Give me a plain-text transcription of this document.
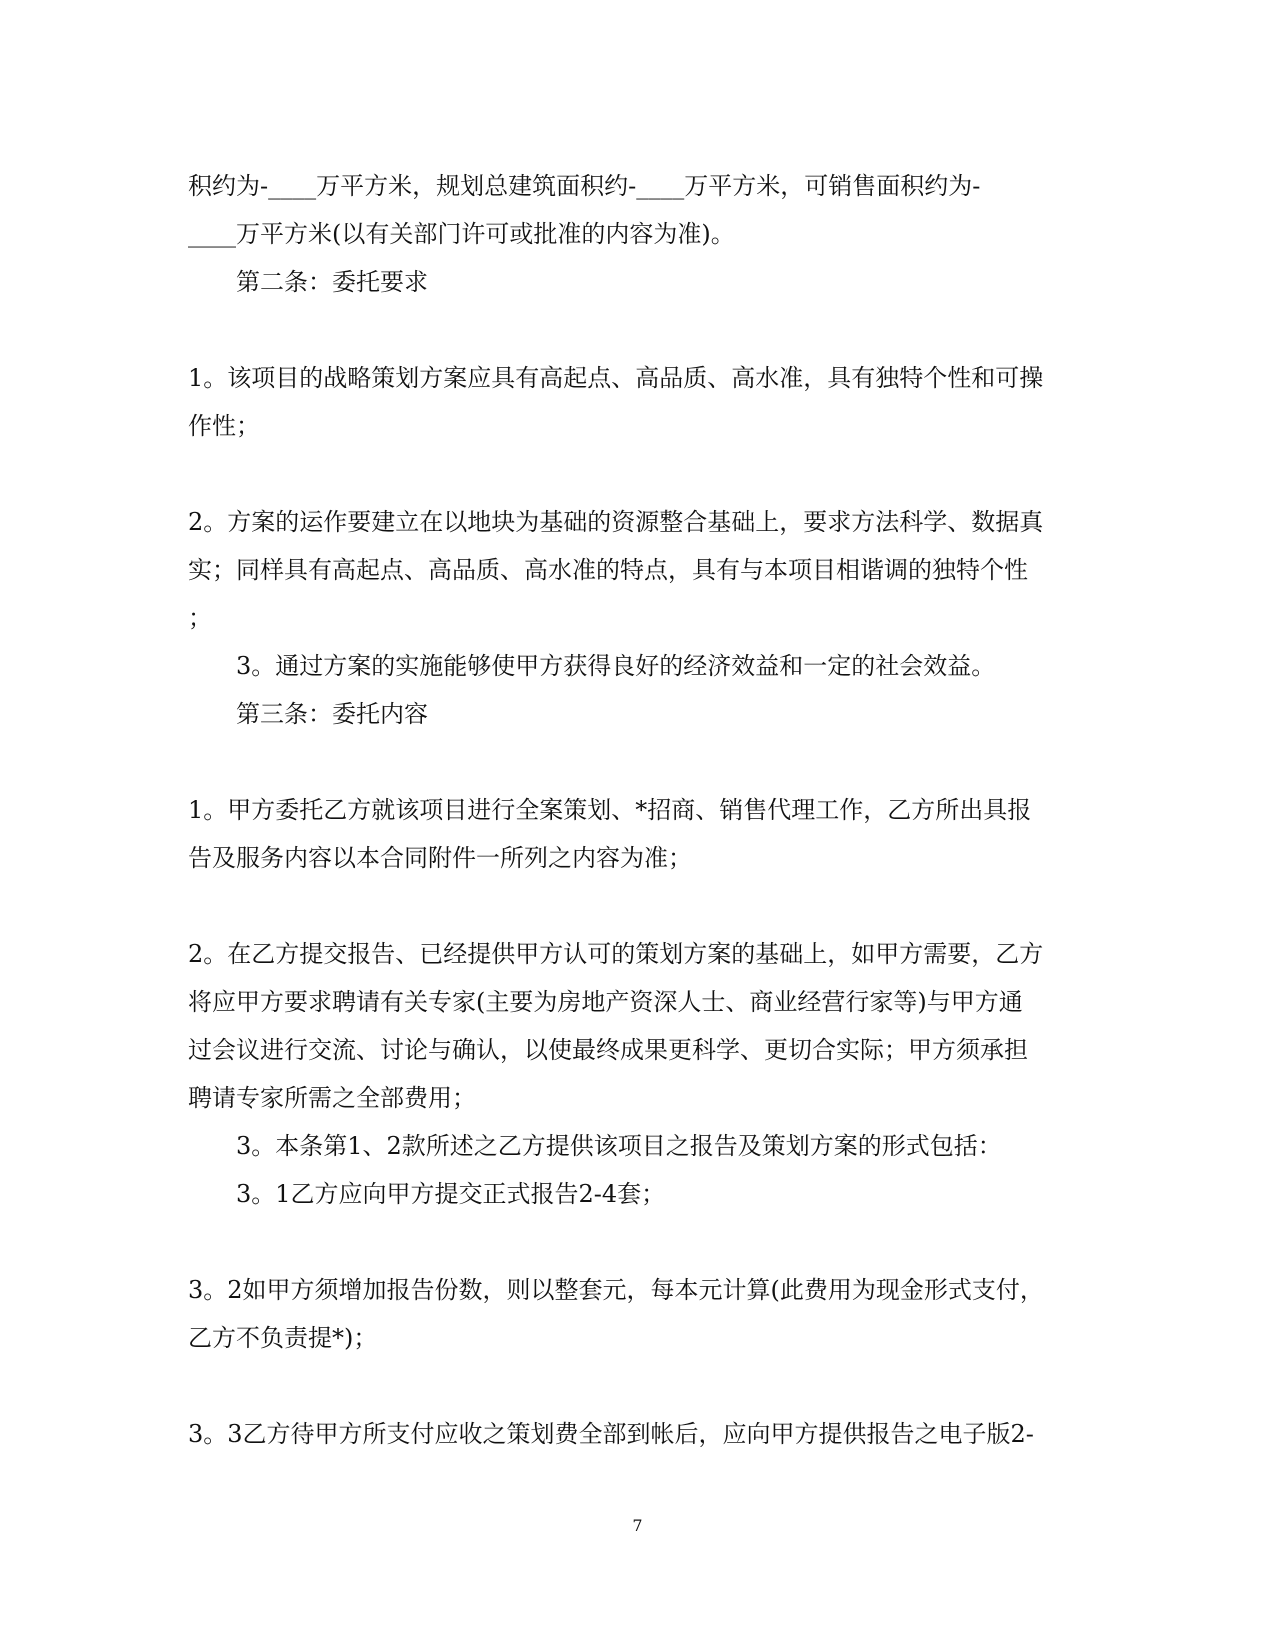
积约为-____万平方米，规划总建筑面积约-____万平方米，可销售面积约为-
____万平方米(以有关部门许可或批准的内容为准)。
第二条：委托要求
1。该项目的战略策划方案应具有高起点、高品质、高水准，具有独特个性和可操
作性；
2。方案的运作要建立在以地块为基础的资源整合基础上，要求方法科学、数据真
实；同样具有高起点、高品质、高水准的特点，具有与本项目相谐调的独特个性
；
3。通过方案的实施能够使甲方获得良好的经济效益和一定的社会效益。
第三条：委托内容
1。甲方委托乙方就该项目进行全案策划、*招商、销售代理工作，乙方所出具报
告及服务内容以本合同附件一所列之内容为准；
2。在乙方提交报告、已经提供甲方认可的策划方案的基础上，如甲方需要，乙方
将应甲方要求聘请有关专家(主要为房地产资深人士、商业经营行家等)与甲方通
过会议进行交流、讨论与确认，以使最终成果更科学、更切合实际；甲方须承担
聘请专家所需之全部费用；
3。本条第1、2款所述之乙方提供该项目之报告及策划方案的形式包括：
3。1乙方应向甲方提交正式报告2-4套；
3。2如甲方须增加报告份数，则以整套元，每本元计算(此费用为现金形式支付，
乙方不负责提*)；
3。3乙方待甲方所支付应收之策划费全部到帐后，应向甲方提供报告之电子版2-
7
